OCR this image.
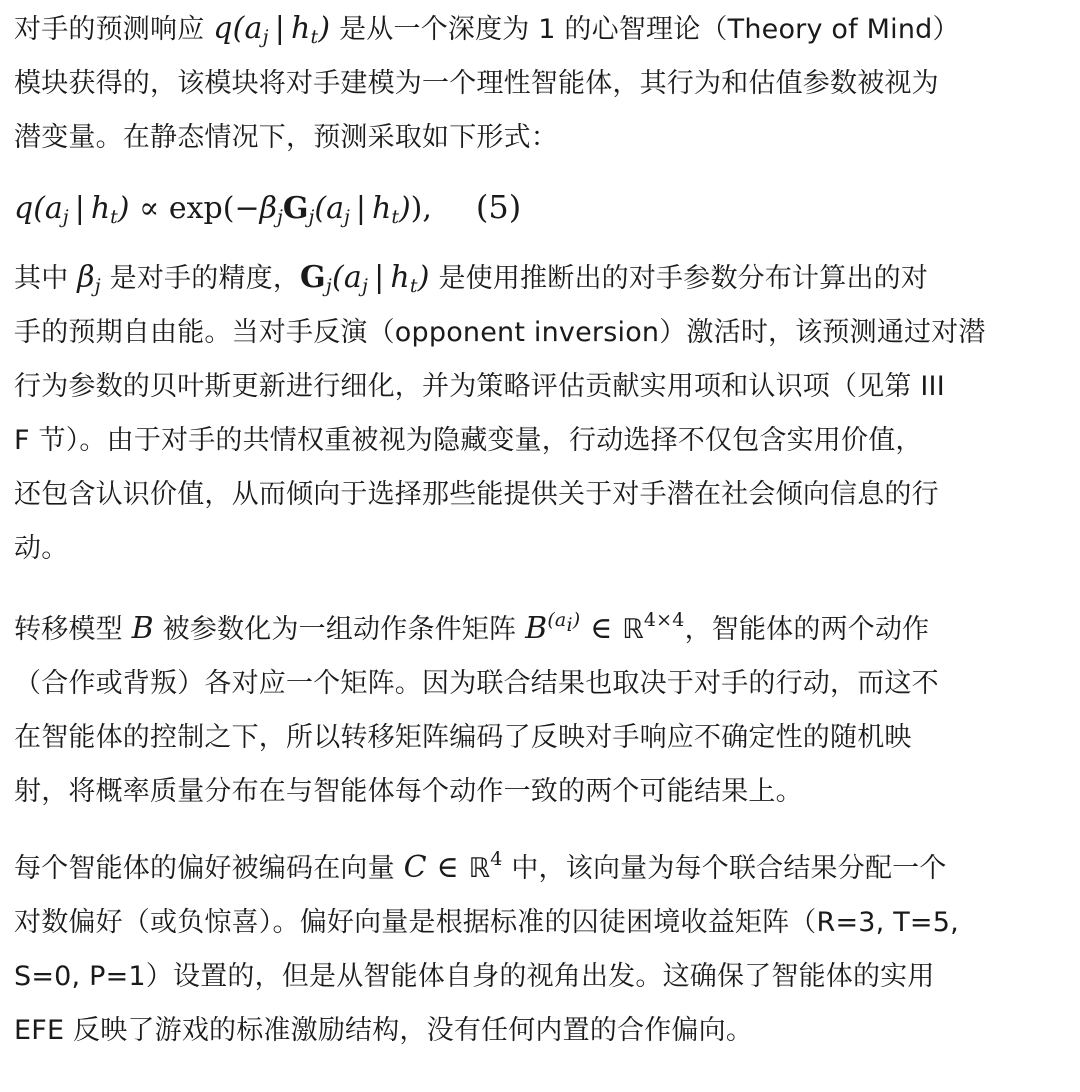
对手的预测响应 $q(a_j$ | $h_t$) 是从一个深度为 1 的心智理论（Theory of Mind）
模块获得的，该模块将对手建模为一个理性智能体，其行为和估值参数被视为
潜变量。在静态情况下，预测采取如下形式：

$q(a_j$ | $h_t) \propto \exp(-\beta_jG_j(a_j$ | $h_t$)), (5)

其中 $\beta_j$ 是对手的精度，$G_j(a_j$ | $h_t$) 是使用推断出的对手参数分布计算出的对
手的预期自由能。当对手反演（opponent inversion）激活时，该预测通过对潜
行为参数的贝叶斯更新进行细化，并为策略评估贡献实用项和认识项（见第 III
F 节）。由于对手的共情权重被视为隐藏变量，行动选择不仅包含实用价值，
还包含认识价值，从而倾向于选择那些能提供关于对手潜在社会倾向信息的行
动。

转移模型 B 被参数化为一组动作条件矩阵 $B^{(a_i)}$ ∈ ℝ$^{4\times 4}$，智能体的两个动作
（合作或背叛）各对应一个矩阵。因为联合结果也取决于对手的行动，而这不
在智能体的控制之下，所以转移矩阵编码了反映对手响应不确定性的随机映
射，将概率质量分布在与智能体每个动作一致的两个可能结果上。

每个智能体的偏好被编码在向量 C ∈ ℝ$^4$ 中，该向量为每个联合结果分配一个
对数偏好（或负惊喜）。偏好向量是根据标准的囚徒困境收益矩阵（R=3, T=5,
S=0, P=1）设置的，但是从智能体自身的视角出发。这确保了智能体的实用
EFE 反映了游戏的标准激励结构，没有任何内置的合作偏向。
